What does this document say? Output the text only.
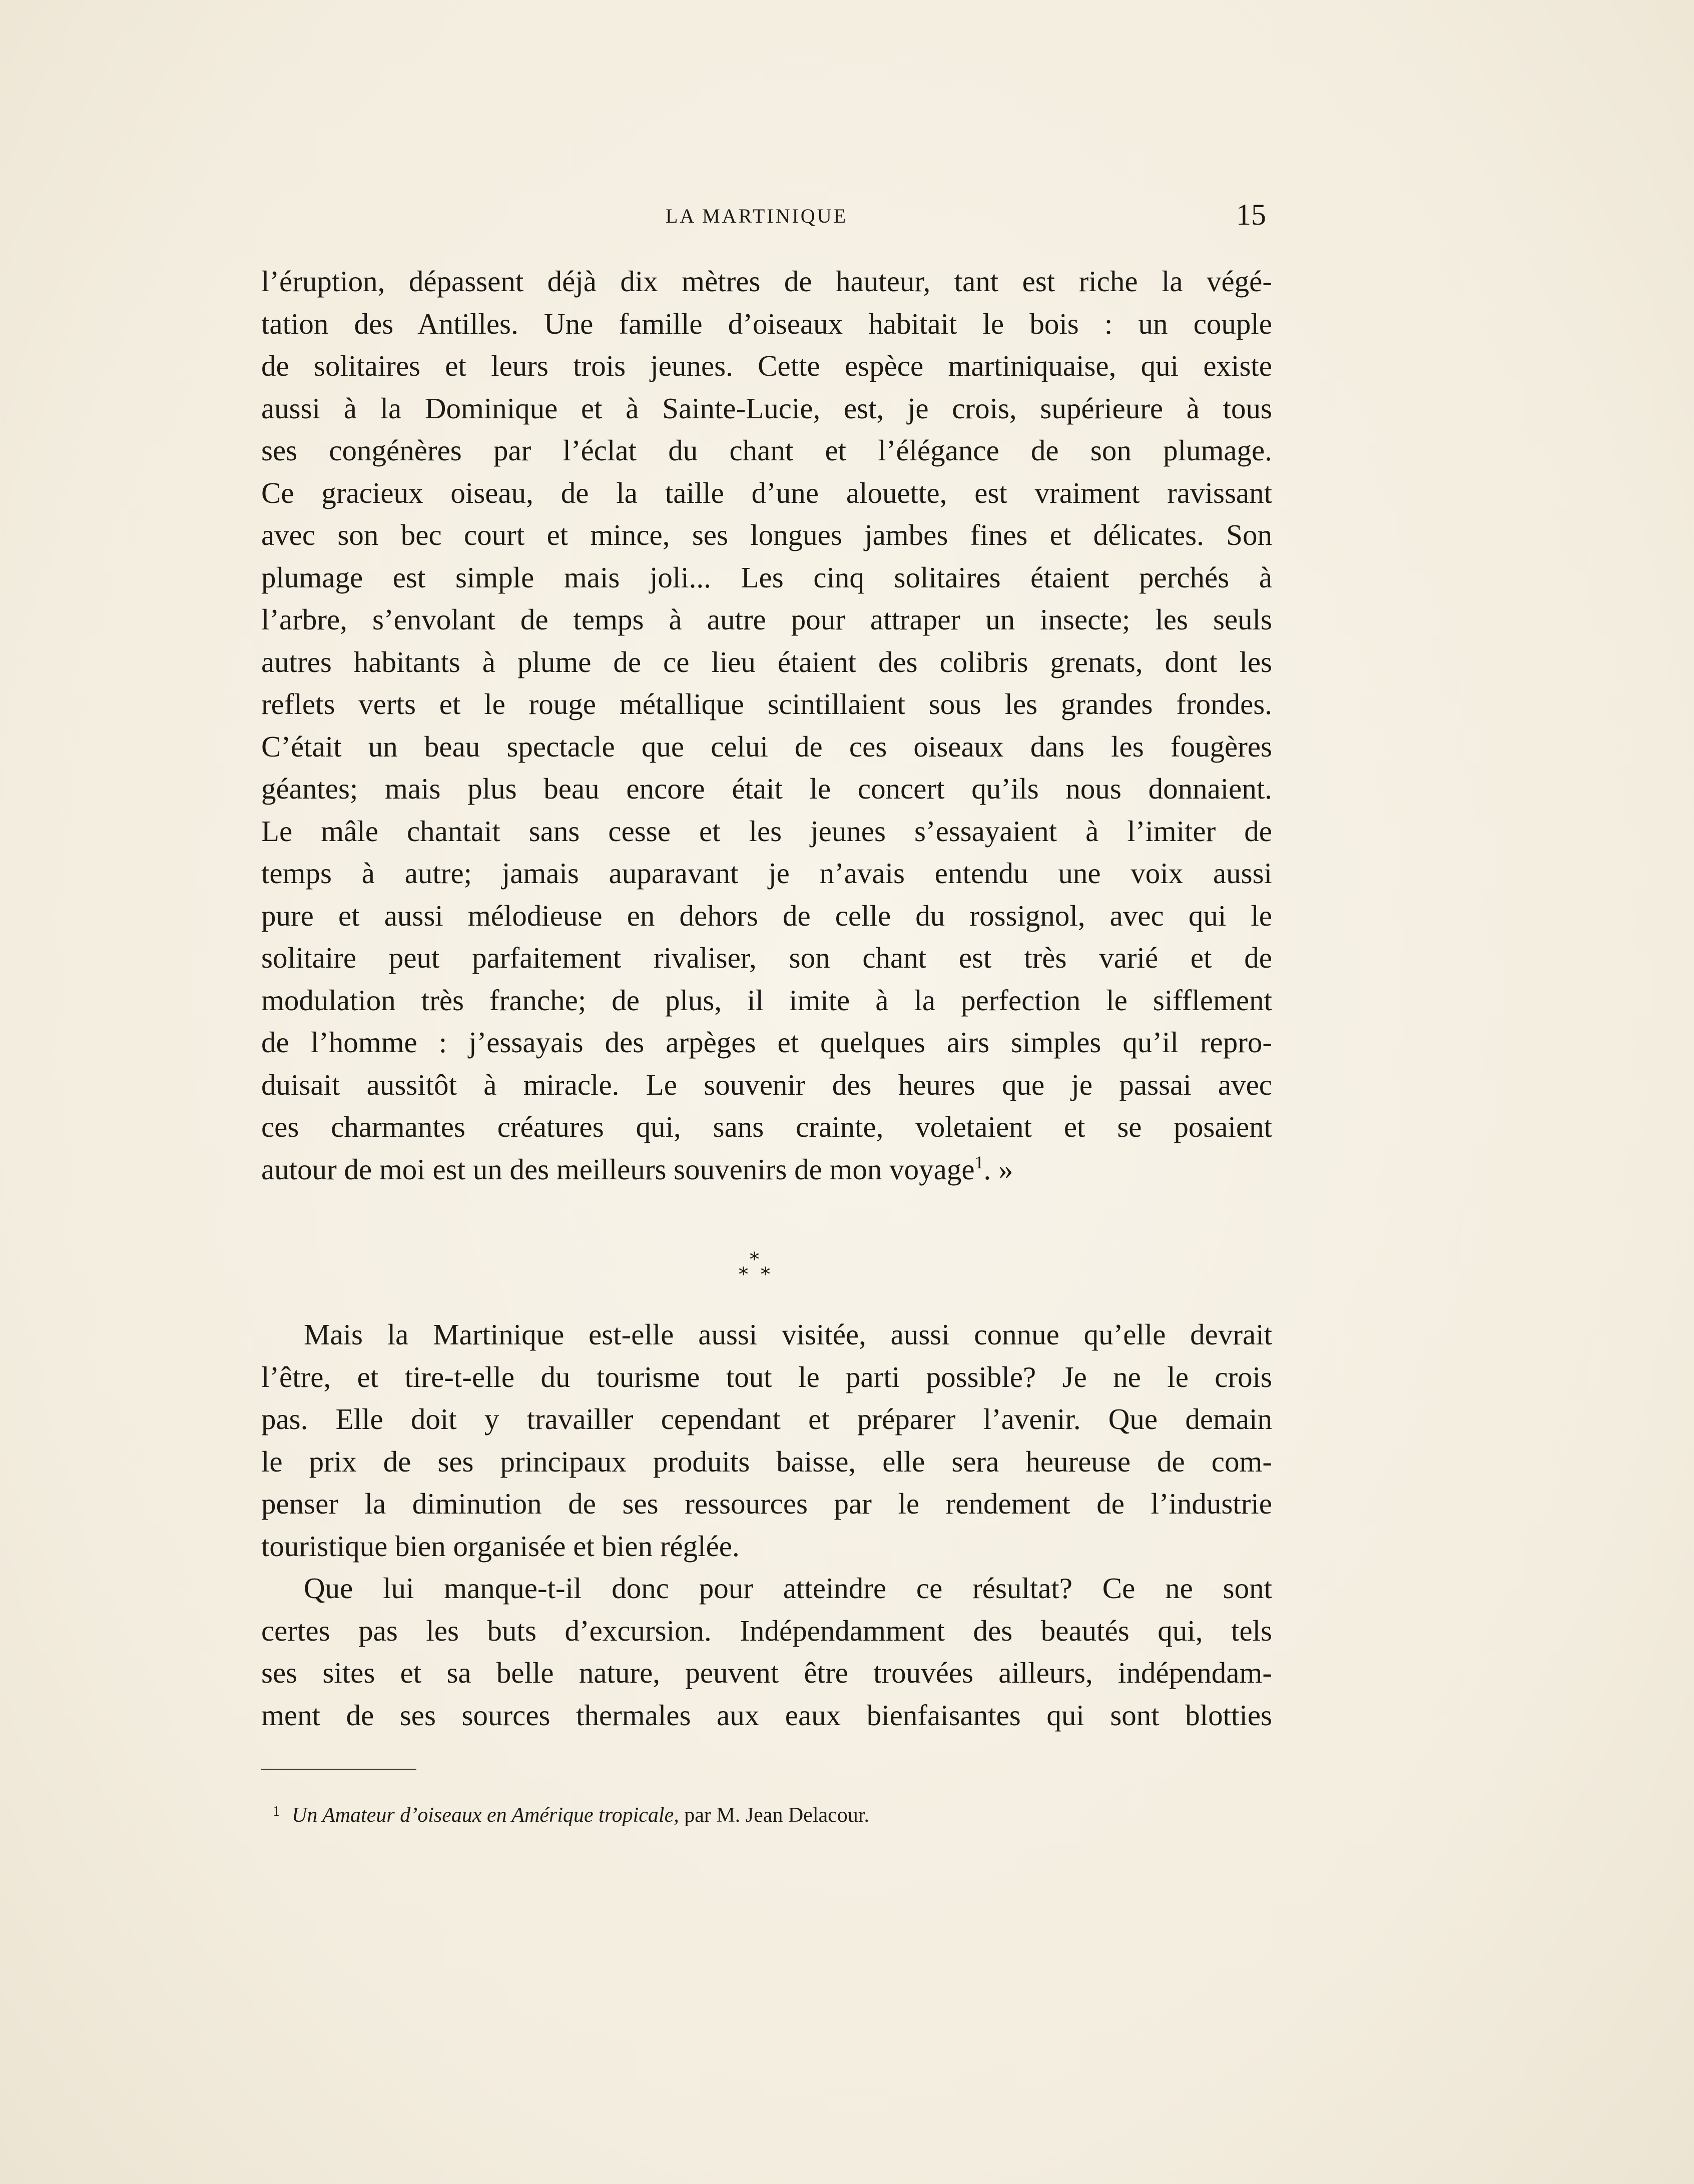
LA MARTINIQUE	15
l’éruption, dépassent déjà dix mètres de hauteur, tant est riche la végé-
tation des Antilles. Une famille d’oiseaux habitait le bois : un couple
de solitaires et leurs trois jeunes. Cette espèce martiniquaise, qui existe
aussi à la Dominique et à Sainte-Lucie, est, je crois, supérieure à tous
ses congénères par l’éclat du chant et l’élégance de son plumage.
Ce gracieux oiseau, de la taille d’une alouette, est vraiment ravissant
avec son bec court et mince, ses longues jambes fines et délicates. Son
plumage est simple mais joli... Les cinq solitaires étaient perchés à
l’arbre, s’envolant de temps à autre pour attraper un insecte; les seuls
autres habitants à plume de ce lieu étaient des colibris grenats, dont les
reflets verts et le rouge métallique scintillaient sous les grandes frondes.
C’était un beau spectacle que celui de ces oiseaux dans les fougères
géantes; mais plus beau encore était le concert qu’ils nous donnaient.
Le mâle chantait sans cesse et les jeunes s’essayaient à l’imiter de
temps à autre; jamais auparavant je n’avais entendu une voix aussi
pure et aussi mélodieuse en dehors de celle du rossignol, avec qui le
solitaire peut parfaitement rivaliser, son chant est très varié et de
modulation très franche; de plus, il imite à la perfection le sifflement
de l’homme : j’essayais des arpèges et quelques airs simples qu’il repro-
duisait aussitôt à miracle. Le souvenir des heures que je passai avec
ces charmantes créatures qui, sans crainte, voletaient et se posaient
autour de moi est un des meilleurs souvenirs de mon voyage$^1$. »
*
* *
Mais la Martinique est-elle aussi visitée, aussi connue qu’elle devrait
l’être, et tire-t-elle du tourisme tout le parti possible? Je ne le crois
pas. Elle doit y travailler cependant et préparer l’avenir. Que demain
le prix de ses principaux produits baisse, elle sera heureuse de com-
penser la diminution de ses ressources par le rendement de l’industrie
touristique bien organisée et bien réglée.
Que lui manque-t-il donc pour atteindre ce résultat? Ce ne sont
certes pas les buts d’excursion. Indépendamment des beautés qui, tels
ses sites et sa belle nature, peuvent être trouvées ailleurs, indépendam-
ment de ses sources thermales aux eaux bienfaisantes qui sont blotties
$^1$ Un Amateur d’oiseaux en Amérique tropicale, par M. Jean Delacour.
